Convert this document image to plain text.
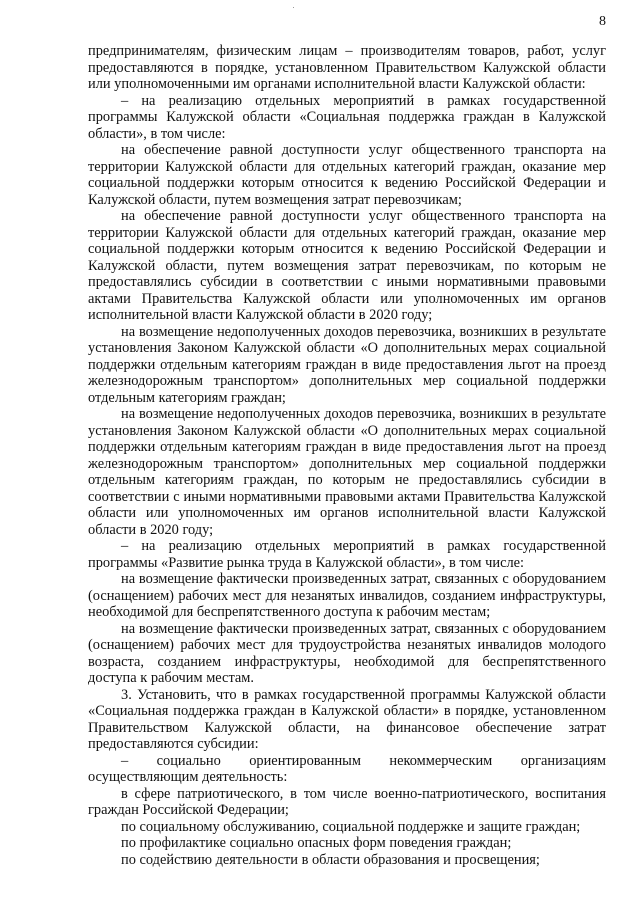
8

предпринимателям, физическим лицам – производителям товаров, работ, услуг предоставляются в порядке, установленном Правительством Калужской области или уполномоченными им органами исполнительной власти Калужской области:

– на реализацию отдельных мероприятий в рамках государственной программы Калужской области «Социальная поддержка граждан в Калужской области», в том числе:

на обеспечение равной доступности услуг общественного транспорта на территории Калужской области для отдельных категорий граждан, оказание мер социальной поддержки которым относится к ведению Российской Федерации и Калужской области, путем возмещения затрат перевозчикам;

на обеспечение равной доступности услуг общественного транспорта на территории Калужской области для отдельных категорий граждан, оказание мер социальной поддержки которым относится к ведению Российской Федерации и Калужской области, путем возмещения затрат перевозчикам, по которым не предоставлялись субсидии в соответствии с иными нормативными правовыми актами Правительства Калужской области или уполномоченных им органов исполнительной власти Калужской области в 2020 году;

на возмещение недополученных доходов перевозчика, возникших в результате установления Законом Калужской области «О дополнительных мерах социальной поддержки отдельным категориям граждан в виде предоставления льгот на проезд железнодорожным транспортом» дополнительных мер социальной поддержки отдельным категориям граждан;

на возмещение недополученных доходов перевозчика, возникших в результате установления Законом Калужской области «О дополнительных мерах социальной поддержки отдельным категориям граждан в виде предоставления льгот на проезд железнодорожным транспортом» дополнительных мер социальной поддержки отдельным категориям граждан, по которым не предоставлялись субсидии в соответствии с иными нормативными правовыми актами Правительства Калужской области или уполномоченных им органов исполнительной власти Калужской области в 2020 году;

– на реализацию отдельных мероприятий в рамках государственной программы «Развитие рынка труда в Калужской области», в том числе:

на возмещение фактически произведенных затрат, связанных с оборудованием (оснащением) рабочих мест для незанятых инвалидов, созданием инфраструктуры, необходимой для беспрепятственного доступа к рабочим местам;

на возмещение фактически произведенных затрат, связанных с оборудованием (оснащением) рабочих мест для трудоустройства незанятых инвалидов молодого возраста, созданием инфраструктуры, необходимой для беспрепятственного доступа к рабочим местам.

3. Установить, что в рамках государственной программы Калужской области «Социальная поддержка граждан в Калужской области» в порядке, установленном Правительством Калужской области, на финансовое обеспечение затрат предоставляются субсидии:

– социально ориентированным некоммерческим организациям осуществляющим деятельность:

в сфере патриотического, в том числе военно-патриотического, воспитания граждан Российской Федерации;

по социальному обслуживанию, социальной поддержке и защите граждан;

по профилактике социально опасных форм поведения граждан;

по содействию деятельности в области образования и просвещения;
